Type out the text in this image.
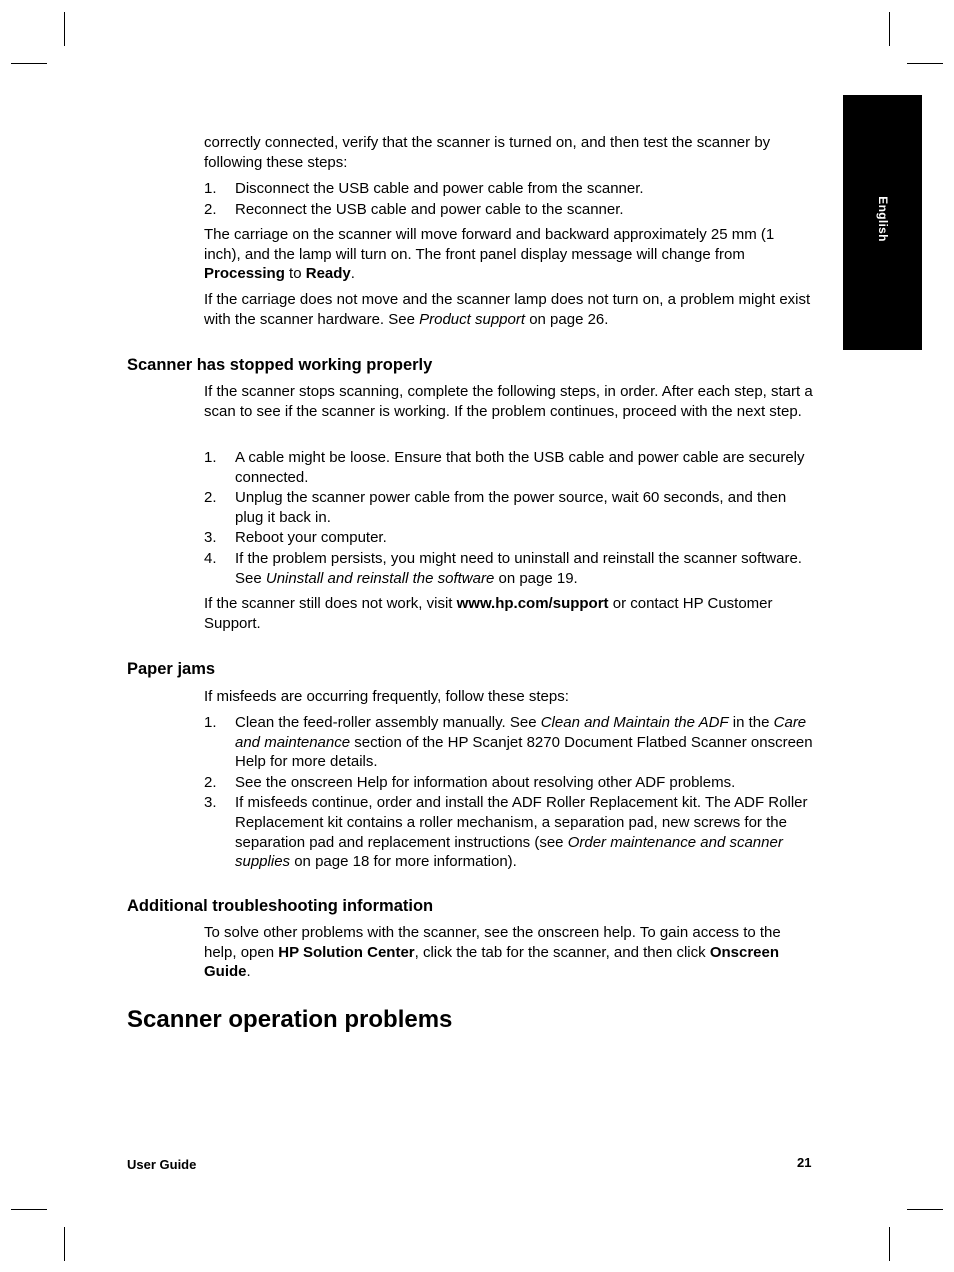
English

correctly connected, verify that the scanner is turned on, and then test the scanner by following these steps:

1. Disconnect the USB cable and power cable from the scanner.
2. Reconnect the USB cable and power cable to the scanner.

The carriage on the scanner will move forward and backward approximately 25 mm (1 inch), and the lamp will turn on. The front panel display message will change from Processing to Ready.

If the carriage does not move and the scanner lamp does not turn on, a problem might exist with the scanner hardware. See Product support on page 26.

Scanner has stopped working properly

If the scanner stops scanning, complete the following steps, in order. After each step, start a scan to see if the scanner is working. If the problem continues, proceed with the next step.

1. A cable might be loose. Ensure that both the USB cable and power cable are securely connected.
2. Unplug the scanner power cable from the power source, wait 60 seconds, and then plug it back in.
3. Reboot your computer.
4. If the problem persists, you might need to uninstall and reinstall the scanner software. See Uninstall and reinstall the software on page 19.

If the scanner still does not work, visit www.hp.com/support or contact HP Customer Support.

Paper jams

If misfeeds are occurring frequently, follow these steps:

1. Clean the feed-roller assembly manually. See Clean and Maintain the ADF in the Care and maintenance section of the HP Scanjet 8270 Document Flatbed Scanner onscreen Help for more details.
2. See the onscreen Help for information about resolving other ADF problems.
3. If misfeeds continue, order and install the ADF Roller Replacement kit. The ADF Roller Replacement kit contains a roller mechanism, a separation pad, new screws for the separation pad and replacement instructions (see Order maintenance and scanner supplies on page 18 for more information).
Additional troubleshooting information

To solve other problems with the scanner, see the onscreen help. To gain access to the help, open HP Solution Center, click the tab for the scanner, and then click Onscreen Guide.

Scanner operation problems
User Guide	21
